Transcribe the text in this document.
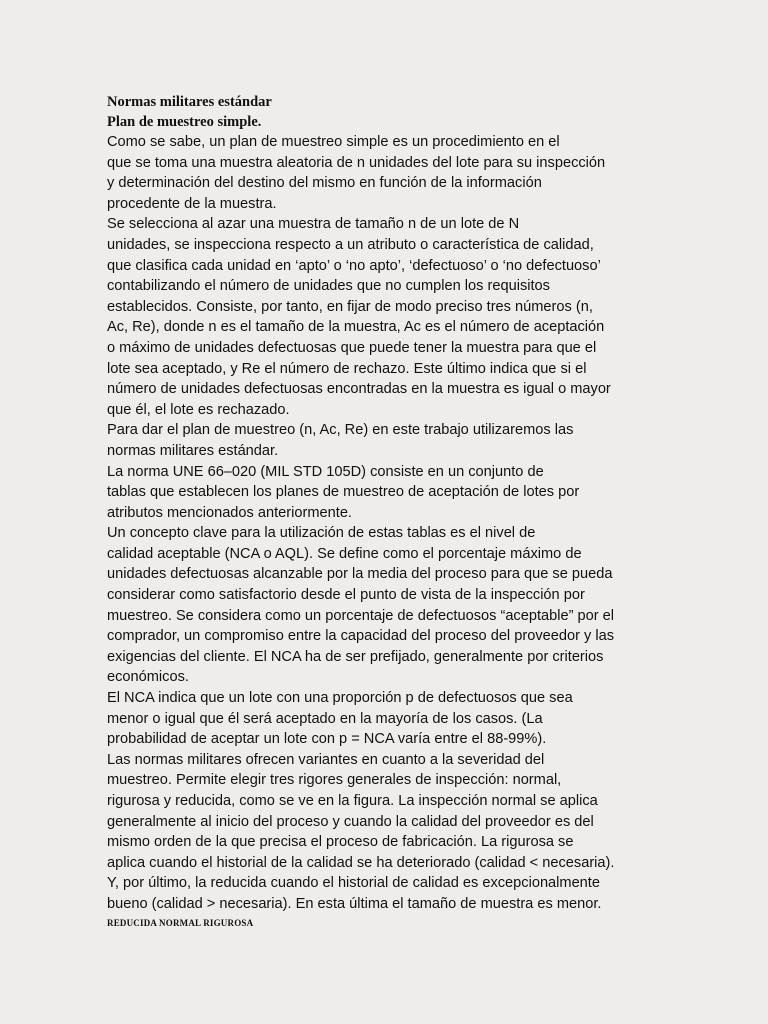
Normas militares estándar

Plan de muestreo simple.

Como se sabe, un plan de muestreo simple es un procedimiento en el

que se toma una muestra aleatoria de n unidades del lote para su inspección

y determinación del destino del mismo en función de la información

procedente de la muestra.

Se selecciona al azar una muestra de tamaño n de un lote de N

unidades, se inspecciona respecto a un atributo o característica de calidad,

que clasifica cada unidad en ‘apto’ o ‘no apto’, ‘defectuoso’ o ‘no defectuoso’

contabilizando el número de unidades que no cumplen los requisitos

establecidos. Consiste, por tanto, en fijar de modo preciso tres números (n,

Ac, Re), donde n es el tamaño de la muestra, Ac es el número de aceptación

o máximo de unidades defectuosas que puede tener la muestra para que el

lote sea aceptado, y Re el número de rechazo. Este último indica que si el

número de unidades defectuosas encontradas en la muestra es igual o mayor

que él, el lote es rechazado.

Para dar el plan de muestreo (n, Ac, Re) en este trabajo utilizaremos las

normas militares estándar.

La norma UNE 66–020 (MIL STD 105D) consiste en un conjunto de

tablas que establecen los planes de muestreo de aceptación de lotes por

atributos mencionados anteriormente.

Un concepto clave para la utilización de estas tablas es el nivel de

calidad aceptable (NCA o AQL). Se define como el porcentaje máximo de

unidades defectuosas alcanzable por la media del proceso para que se pueda

considerar como satisfactorio desde el punto de vista de la inspección por

muestreo. Se considera como un porcentaje de defectuosos “aceptable” por el

comprador, un compromiso entre la capacidad del proceso del proveedor y las

exigencias del cliente. El NCA ha de ser prefijado, generalmente por criterios

económicos.

El NCA indica que un lote con una proporción p de defectuosos que sea

menor o igual que él será aceptado en la mayoría de los casos. (La

probabilidad de aceptar un lote con p = NCA varía entre el 88-99%).

Las normas militares ofrecen variantes en cuanto a la severidad del

muestreo. Permite elegir tres rigores generales de inspección: normal,

rigurosa y reducida, como se ve en la figura. La inspección normal se aplica

generalmente al inicio del proceso y cuando la calidad del proveedor es del

mismo orden de la que precisa el proceso de fabricación. La rigurosa se

aplica cuando el historial de la calidad se ha deteriorado (calidad < necesaria).

Y, por último, la reducida cuando el historial de calidad es excepcionalmente

bueno (calidad > necesaria). En esta última el tamaño de muestra es menor.

REDUCIDA NORMAL RIGUROSA
